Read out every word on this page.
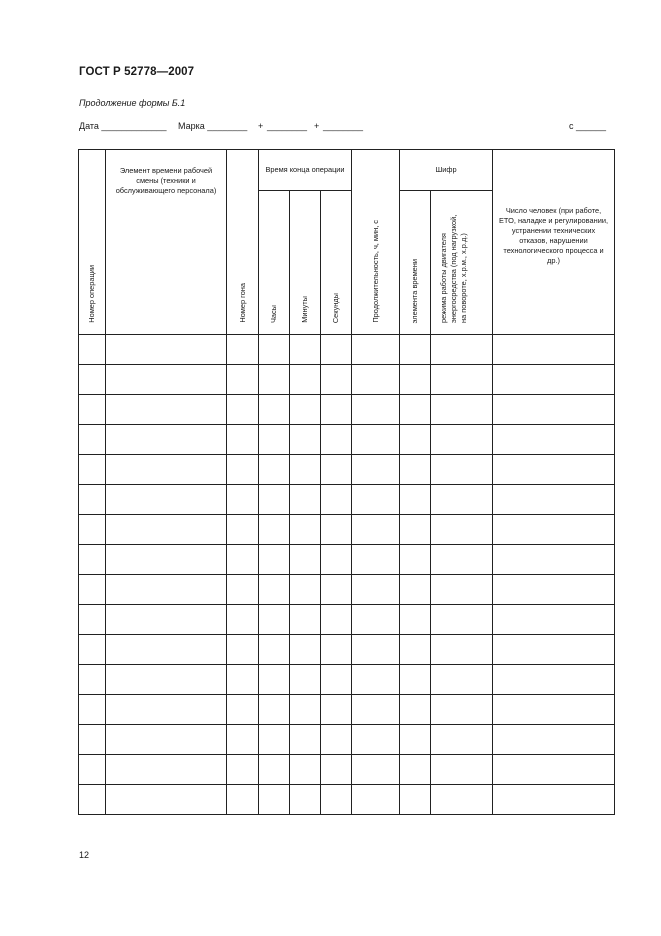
ГОСТ Р 52778—2007
Продолжение формы Б.1
Дата _____________ Марка ________ + ________ + ________	с ______
Номер операции	Элемент времени рабочей смены (техники и обслуживающего персонала)	Номер гона	Время конца операции			Продолжительность, ч, мин, с	Шифр		Число человек (при работе, ЕТО, наладке и регулировании, устранении технических отказов, нарушении технологического процесса и др.)
			Часы	Минуты	Секунды		элемента времени	режима работы двигателя энергосредства (под нагрузкой, на повороте, х.р.м., х.р.д.)	

12
